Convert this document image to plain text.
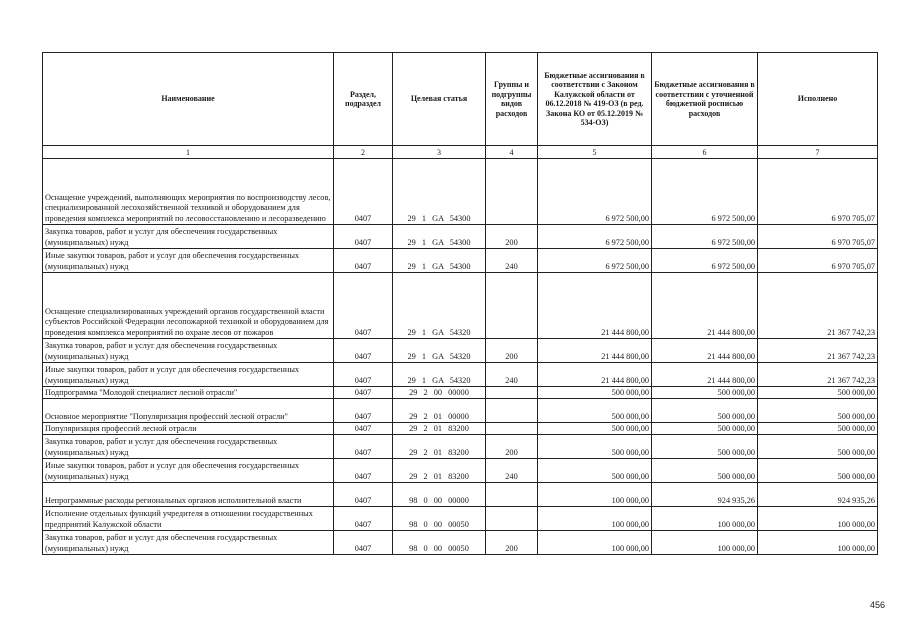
Наименование	Раздел, подраздел	Целевая статья	Группы и подгруппы видов расходов	Бюджетные ассигнования в соответствии с Законом Калужской области от 06.12.2018 № 419-ОЗ (в ред. Закона КО от 05.12.2019 № 534-ОЗ)	Бюджетные ассигнования в соответствии с уточненной бюджетной росписью расходов	Исполнено
1	2	3	4	5	6	7
Оснащение учреждений, выполняющих мероприятия по воспроизводству лесов, специализированной лесохозяйственной техникой и оборудованием для проведения комплекса мероприятий по лесовосстановлению и лесоразведению	0407	29 1 GA 54300		6 972 500,00	6 972 500,00	6 970 705,07
Закупка товаров, работ и услуг для обеспечения государственных (муниципальных) нужд	0407	29 1 GA 54300	200	6 972 500,00	6 972 500,00	6 970 705,07
Иные закупки товаров, работ и услуг для обеспечения государственных (муниципальных) нужд	0407	29 1 GA 54300	240	6 972 500,00	6 972 500,00	6 970 705,07
Оснащение специализированных учреждений органов государственной власти субъектов Российской Федерации лесопожарной техникой и оборудованием для проведения комплекса мероприятий по охране лесов от пожаров	0407	29 1 GA 54320		21 444 800,00	21 444 800,00	21 367 742,23
Закупка товаров, работ и услуг для обеспечения государственных (муниципальных) нужд	0407	29 1 GA 54320	200	21 444 800,00	21 444 800,00	21 367 742,23
Иные закупки товаров, работ и услуг для обеспечения государственных (муниципальных) нужд	0407	29 1 GA 54320	240	21 444 800,00	21 444 800,00	21 367 742,23
Подпрограмма "Молодой специалист лесной отрасли"	0407	29 2 00 00000		500 000,00	500 000,00	500 000,00
Основное мероприятие "Популяризация профессий лесной отрасли"	0407	29 2 01 00000		500 000,00	500 000,00	500 000,00
Популяризация профессий лесной отрасли	0407	29 2 01 83200		500 000,00	500 000,00	500 000,00
Закупка товаров, работ и услуг для обеспечения государственных (муниципальных) нужд	0407	29 2 01 83200	200	500 000,00	500 000,00	500 000,00
Иные закупки товаров, работ и услуг для обеспечения государственных (муниципальных) нужд	0407	29 2 01 83200	240	500 000,00	500 000,00	500 000,00
Непрограммные расходы региональных органов исполнительной власти	0407	98 0 00 00000		100 000,00	924 935,26	924 935,26
Исполнение отдельных функций учредителя в отношении государственных предприятий Калужской области	0407	98 0 00 00050		100 000,00	100 000,00	100 000,00
Закупка товаров, работ и услуг для обеспечения государственных (муниципальных) нужд	0407	98 0 00 00050	200	100 000,00	100 000,00	100 000,00
456
